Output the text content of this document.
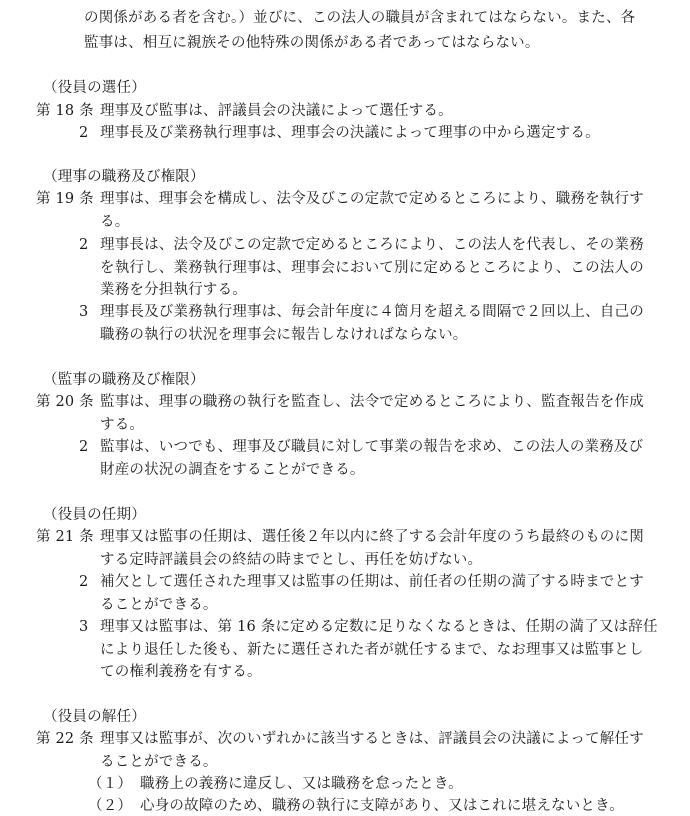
の関係がある者を含む。）並びに、この法人の職員が含まれてはならない。また、各
監事は、相互に親族その他特殊の関係がある者であってはならない。
（役員の選任）
第 18 条 理事及び監事は、評議員会の決議によって選任する。
2 理事長及び業務執行理事は、理事会の決議によって理事の中から選定する。
（理事の職務及び権限）
第 19 条 理事は、理事会を構成し、法令及びこの定款で定めるところにより、職務を執行す
る。
2 理事長は、法令及びこの定款で定めるところにより、この法人を代表し、その業務
を執行し、業務執行理事は、理事会において別に定めるところにより、この法人の
業務を分担執行する。
3 理事長及び業務執行理事は、毎会計年度に４箇月を超える間隔で２回以上、自己の
職務の執行の状況を理事会に報告しなければならない。
（監事の職務及び権限）
第 20 条 監事は、理事の職務の執行を監査し、法令で定めるところにより、監査報告を作成
する。
2 監事は、いつでも、理事及び職員に対して事業の報告を求め、この法人の業務及び
財産の状況の調査をすることができる。
（役員の任期）
第 21 条 理事又は監事の任期は、選任後２年以内に終了する会計年度のうち最終のものに関
する定時評議員会の終結の時までとし、再任を妨げない。
2 補欠として選任された理事又は監事の任期は、前任者の任期の満了する時までとす
ることができる。
3 理事又は監事は、第 16 条に定める定数に足りなくなるときは、任期の満了又は辞任
により退任した後も、新たに選任された者が就任するまで、なお理事又は監事とし
ての権利義務を有する。
（役員の解任）
第 22 条 理事又は監事が、次のいずれかに該当するときは、評議員会の決議によって解任す
ることができる。
（１） 職務上の義務に違反し、又は職務を怠ったとき。
（２） 心身の故障のため、職務の執行に支障があり、又はこれに堪えないとき。
